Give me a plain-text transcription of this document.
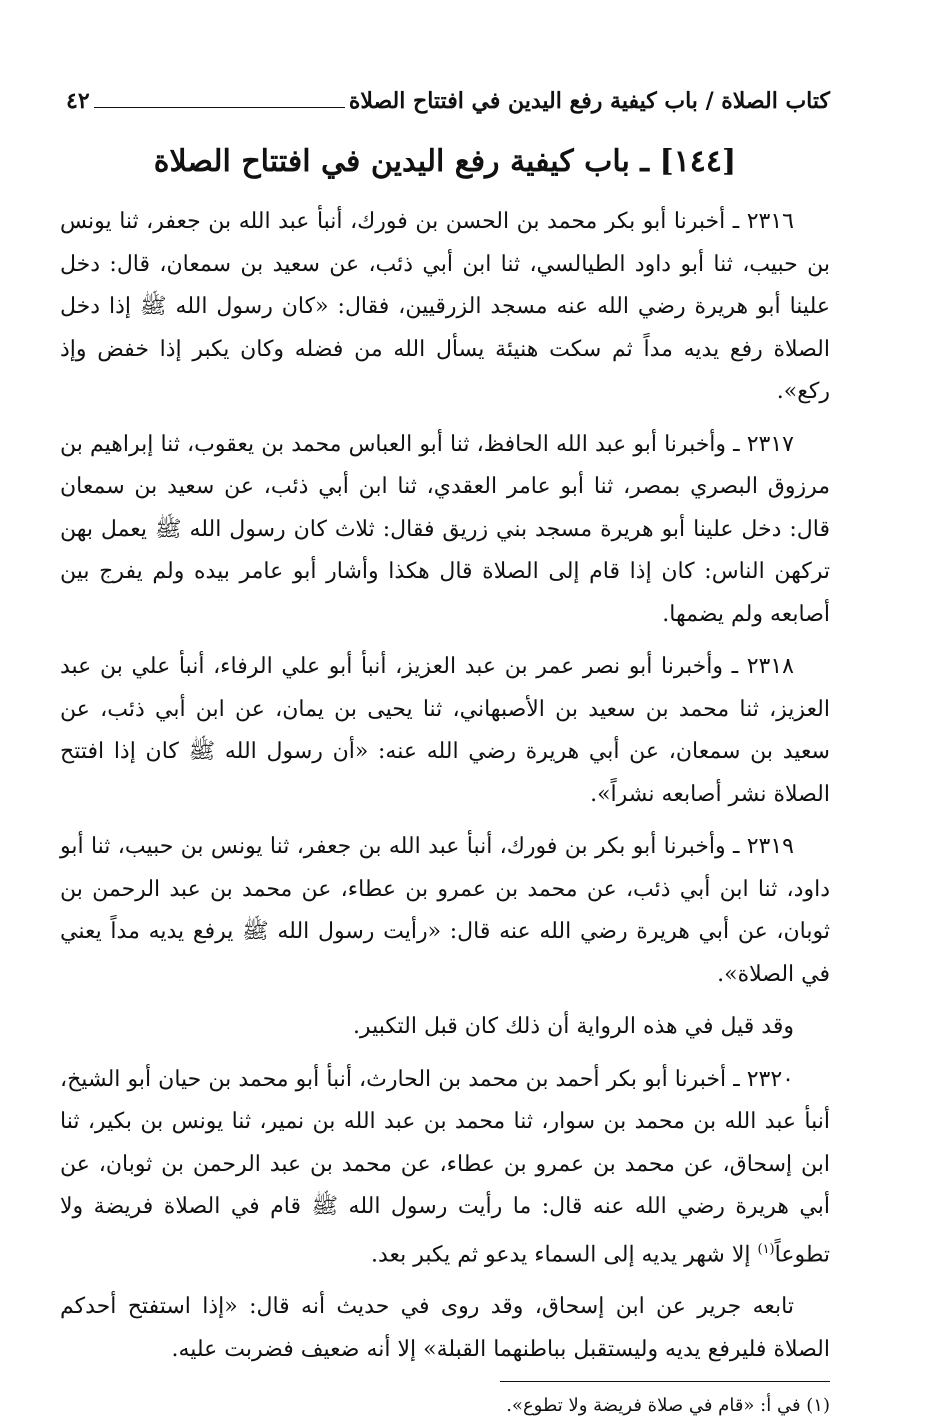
كتاب الصلاة / باب كيفية رفع اليدين في افتتاح الصلاة
٤٢
[١٤٤] ـ باب كيفية رفع اليدين في افتتاح الصلاة

٢٣١٦ ـ أخبرنا أبو بكر محمد بن الحسن بن فورك، أنبأ عبد الله بن جعفر، ثنا يونس بن حبيب، ثنا أبو داود الطيالسي، ثنا ابن أبي ذئب، عن سعيد بن سمعان، قال: دخل علينا أبو هريرة رضي الله عنه مسجد الزرقيين، فقال: «كان رسول الله ﷺ إذا دخل الصلاة رفع يديه مداً ثم سكت هنيئة يسأل الله من فضله وكان يكبر إذا خفض وإذ ركع».

٢٣١٧ ـ وأخبرنا أبو عبد الله الحافظ، ثنا أبو العباس محمد بن يعقوب، ثنا إبراهيم بن مرزوق البصري بمصر، ثنا أبو عامر العقدي، ثنا ابن أبي ذئب، عن سعيد بن سمعان قال: دخل علينا أبو هريرة مسجد بني زريق فقال: ثلاث كان رسول الله ﷺ يعمل بهن تركهن الناس: كان إذا قام إلى الصلاة قال هكذا وأشار أبو عامر بيده ولم يفرج بين أصابعه ولم يضمها.

٢٣١٨ ـ وأخبرنا أبو نصر عمر بن عبد العزيز، أنبأ أبو علي الرفاء، أنبأ علي بن عبد العزيز، ثنا محمد بن سعيد بن الأصبهاني، ثنا يحيى بن يمان، عن ابن أبي ذئب، عن سعيد بن سمعان، عن أبي هريرة رضي الله عنه: «أن رسول الله ﷺ كان إذا افتتح الصلاة نشر أصابعه نشراً».

٢٣١٩ ـ وأخبرنا أبو بكر بن فورك، أنبأ عبد الله بن جعفر، ثنا يونس بن حبيب، ثنا أبو داود، ثنا ابن أبي ذئب، عن محمد بن عمرو بن عطاء، عن محمد بن عبد الرحمن بن ثوبان، عن أبي هريرة رضي الله عنه قال: «رأيت رسول الله ﷺ يرفع يديه مداً يعني في الصلاة».

وقد قيل في هذه الرواية أن ذلك كان قبل التكبير.

٢٣٢٠ ـ أخبرنا أبو بكر أحمد بن محمد بن الحارث، أنبأ أبو محمد بن حيان أبو الشيخ، أنبأ عبد الله بن محمد بن سوار، ثنا محمد بن عبد الله بن نمير، ثنا يونس بن بكير، ثنا ابن إسحاق، عن محمد بن عمرو بن عطاء، عن محمد بن عبد الرحمن بن ثوبان، عن أبي هريرة رضي الله عنه قال: ما رأيت رسول الله ﷺ قام في الصلاة فريضة ولا تطوعاً$^{(١)}$ إلا شهر يديه إلى السماء يدعو ثم يكبر بعد.

تابعه جرير عن ابن إسحاق، وقد روى في حديث أنه قال: «إذا استفتح أحدكم الصلاة فليرفع يديه وليستقبل بباطنهما القبلة» إلا أنه ضعيف فضربت عليه.

(١) في أ: «قام في صلاة فريضة ولا تطوع».
